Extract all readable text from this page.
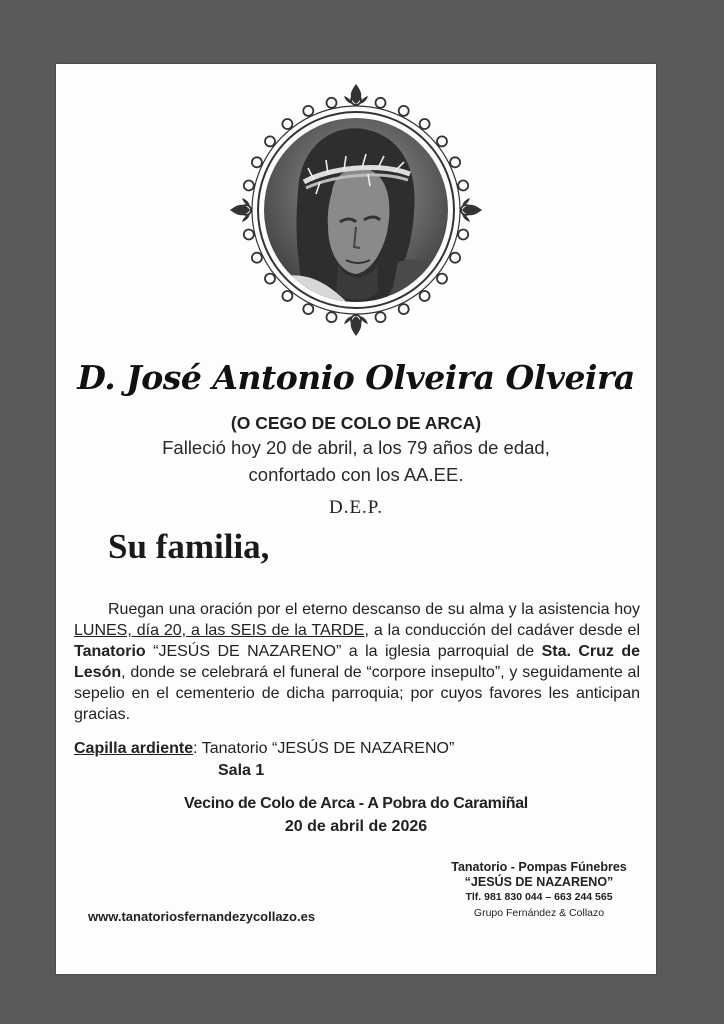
D. José Antonio Olveira Olveira
(O CEGO DE COLO DE ARCA)
Falleció hoy 20 de abril, a los 79 años de edad,
confortado con los AA.EE.
D.E.P.
Su familia,
Ruegan una oración por el eterno descanso de su alma y la asistencia hoy LUNES, día 20, a las SEIS de la TARDE, a la conducción del cadáver desde el Tanatorio “JESÚS DE NAZARENO” a la iglesia parroquial de Sta. Cruz de Lesón, donde se celebrará el funeral de “corpore insepulto”, y seguidamente al sepelio en el cementerio de dicha parroquia; por cuyos favores les anticipan gracias.
Capilla ardiente: Tanatorio “JESÚS DE NAZARENO”
Sala 1
Vecino de Colo de Arca - A Pobra do Caramiñal
20 de abril de 2026
Tanatorio - Pompas Fúnebres
“JESÚS DE NAZARENO”
Tlf. 981 830 044 – 663 244 565
Grupo Fernández & Collazo
www.tanatoriosfernandezycollazo.es
